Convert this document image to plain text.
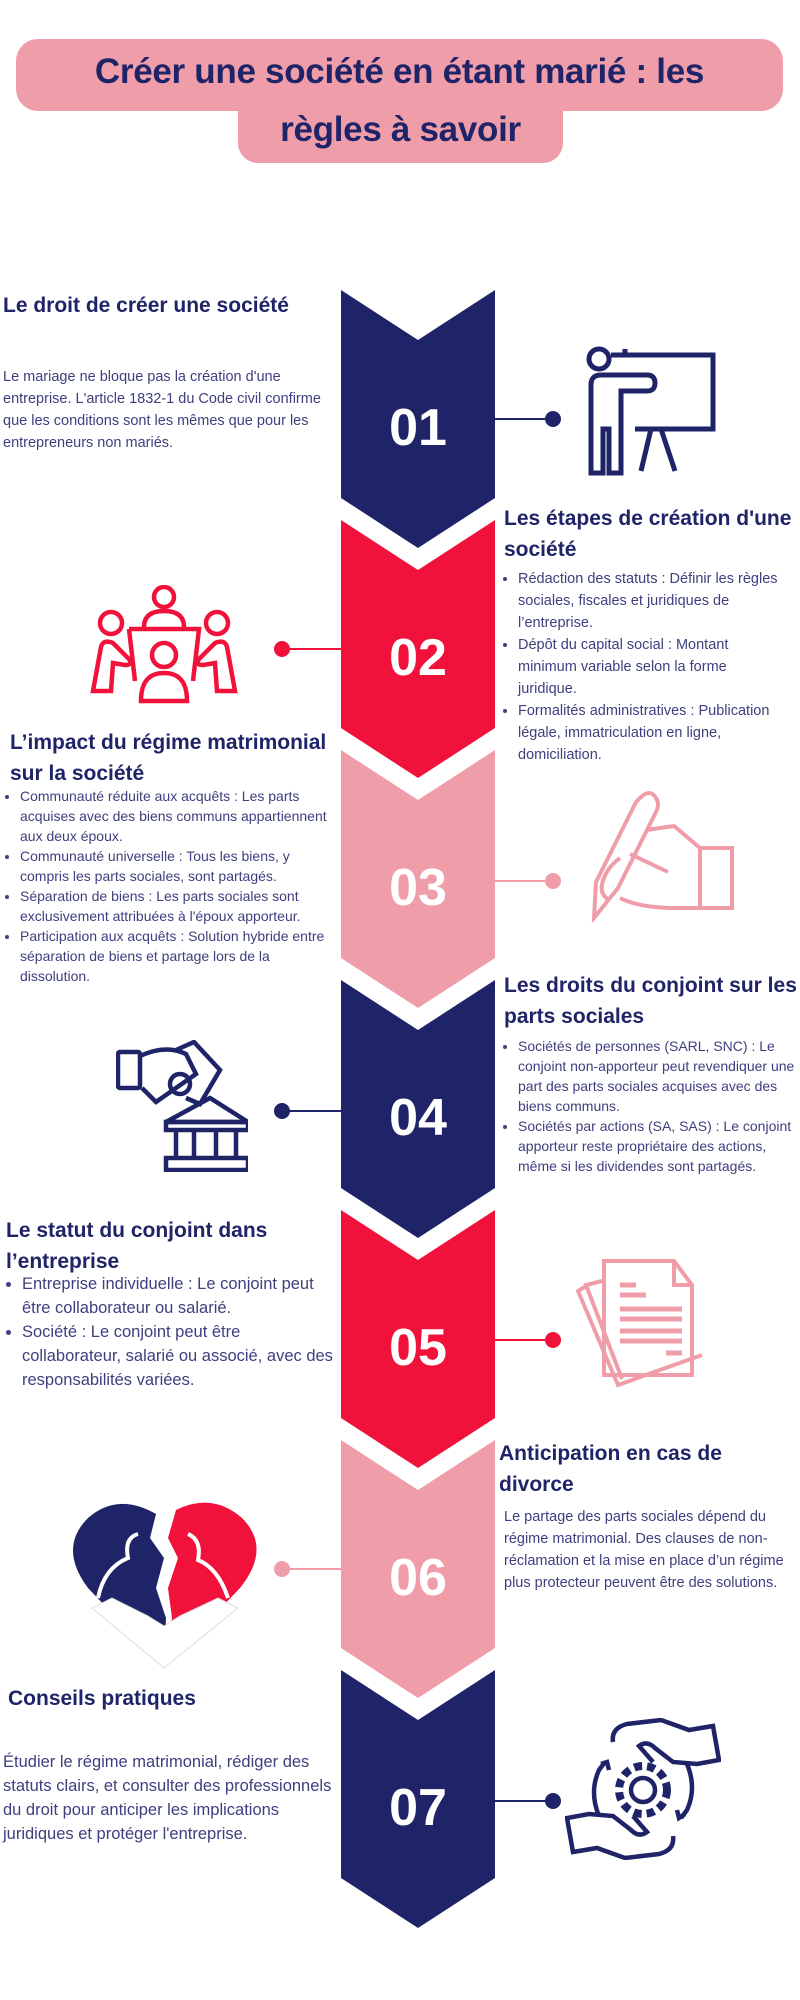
Créer une société en étant marié : les
règles à savoir
01
02
03
04
05
06
07
Le droit de créer une société

Le mariage ne bloque pas la création d'une entreprise. L'article 1832-1 du Code civil confirme que les conditions sont les mêmes que pour les entrepreneurs non mariés.

Les étapes de création d'une société
• Rédaction des statuts : Définir les règles sociales, fiscales et juridiques de l’entreprise.
• Dépôt du capital social : Montant minimum variable selon la forme juridique.
• Formalités administratives : Publication légale, immatriculation en ligne, domiciliation.
L’impact du régime matrimonial sur la société
• Communauté réduite aux acquêts : Les parts acquises avec des biens communs appartiennent aux deux époux.
• Communauté universelle : Tous les biens, y compris les parts sociales, sont partagés.
• Séparation de biens : Les parts sociales sont exclusivement attribuées à l'époux apporteur.
• Participation aux acquêts : Solution hybride entre séparation de biens et partage lors de la dissolution.	Les droits du conjoint sur les parts sociales
• Sociétés de personnes (SARL, SNC) : Le conjoint non-apporteur peut revendiquer une part des parts sociales acquises avec des biens communs.
• Sociétés par actions (SA, SAS) : Le conjoint apporteur reste propriétaire des actions, même si les dividendes sont partagés.
Le statut du conjoint dans l’entreprise
• Entreprise individuelle : Le conjoint peut être collaborateur ou salarié.
• Société : Le conjoint peut être collaborateur, salarié ou associé, avec des responsabilités variées.
Anticipation en cas de divorce

Le partage des parts sociales dépend du régime matrimonial. Des clauses de non-réclamation et la mise en place d’un régime plus protecteur peuvent être des solutions.

Conseils pratiques

Étudier le régime matrimonial, rédiger des statuts clairs, et consulter des professionnels du droit pour anticiper les implications juridiques et protéger l'entreprise.
